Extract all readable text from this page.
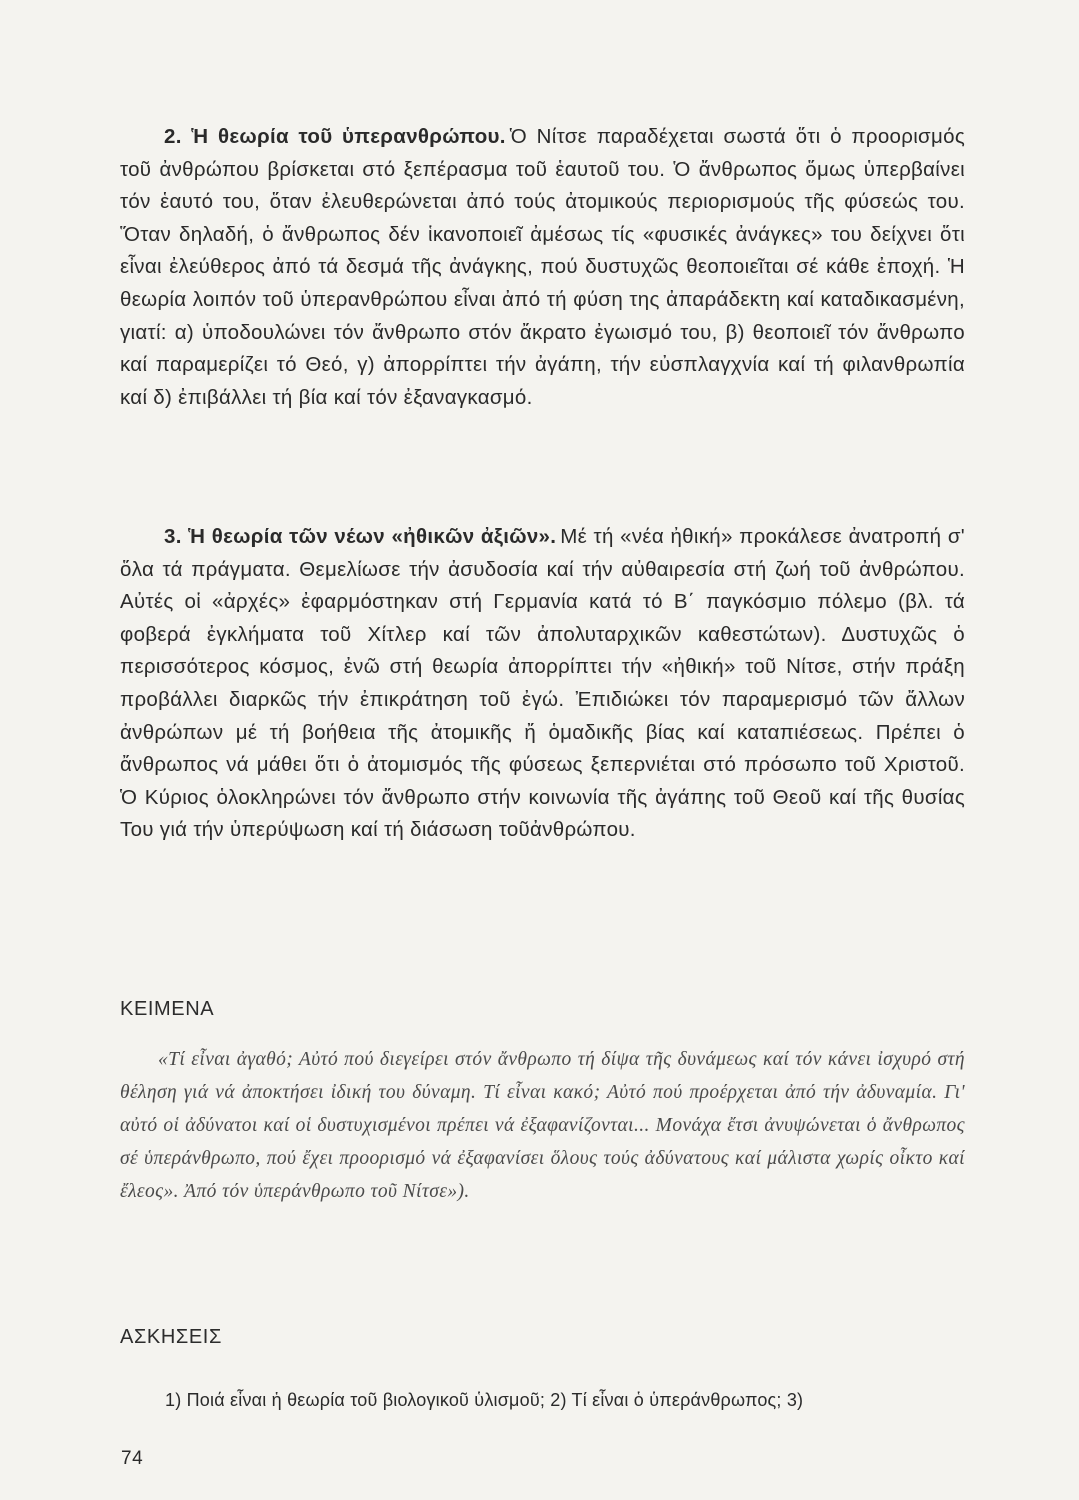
2. Ἡ θεωρία τοῦ ὑπερανθρώπου. Ὁ Νίτσε παραδέχεται σωστά ὅτι ὁ προορισμός τοῦ ἀνθρώπου βρίσκεται στό ξεπέρασμα τοῦ ἑαυτοῦ του. Ὁ ἄνθρωπος ὅμως ὑπερβαίνει τόν ἑαυτό του, ὅταν ἐλευθερώνεται ἀπό τούς ἀτομικούς περιορισμούς τῆς φύσεώς του. Ὅταν δηλαδή, ὁ ἄνθρωπος δέν ἱκανοποιεῖ ἀμέσως τίς «φυσικές ἀνάγκες» του δείχνει ὅτι εἶναι ἐλεύθερος ἀπό τά δεσμά τῆς ἀνάγκης, πού δυστυχῶς θεοποιεῖται σέ κάθε ἐποχή. Ἡ θεωρία λοιπόν τοῦ ὑπερανθρώπου εἶναι ἀπό τή φύση της ἀπαράδεκτη καί καταδικασμένη, γιατί: α) ὑποδουλώνει τόν ἄνθρωπο στόν ἄκρατο ἐγωισμό του, β) θεοποιεῖ τόν ἄνθρωπο καί παραμερίζει τό Θεό, γ) ἀπορρίπτει τήν ἀγάπη, τήν εὐσπλαγχνία καί τή φιλανθρωπία καί δ) ἐπιβάλλει τή βία καί τόν ἐξαναγκασμό.
3. Ἡ θεωρία τῶν νέων «ἠθικῶν ἀξιῶν». Μέ τή «νέα ἠθική» προκάλεσε ἀνατροπή σ' ὅλα τά πράγματα. Θεμελίωσε τήν ἀσυδοσία καί τήν αὐθαιρεσία στή ζωή τοῦ ἀνθρώπου. Αὐτές οἱ «ἀρχές» ἐφαρμόστηκαν στή Γερμανία κατά τό Β΄ παγκόσμιο πόλεμο (βλ. τά φοβερά ἐγκλήματα τοῦ Χίτλερ καί τῶν ἀπολυταρχικῶν καθεστώτων). Δυστυχῶς ὁ περισσότερος κόσμος, ἐνῶ στή θεωρία ἀπορρίπτει τήν «ἠθική» τοῦ Νίτσε, στήν πράξη προβάλλει διαρκῶς τήν ἐπικράτηση τοῦ ἐγώ. Ἐπιδιώκει τόν παραμερισμό τῶν ἄλλων ἀνθρώπων μέ τή βοήθεια τῆς ἀτομικῆς ἤ ὁμαδικῆς βίας καί καταπιέσεως. Πρέπει ὁ ἄνθρωπος νά μάθει ὅτι ὁ ἀτομισμός τῆς φύσεως ξεπερνιέται στό πρόσωπο τοῦ Χριστοῦ. Ὁ Κύριος ὁλοκληρώνει τόν ἄνθρωπο στήν κοινωνία τῆς ἀγάπης τοῦ Θεοῦ καί τῆς θυσίας Του γιά τήν ὑπερύψωση καί τή διάσωση τοῦἀνθρώπου.
ΚΕΙΜΕΝΑ
«Τί εἶναι ἀγαθό; Αὐτό πού διεγείρει στόν ἄνθρωπο τή δίψα τῆς δυνάμεως καί τόν κάνει ἰσχυρό στή θέληση γιά νά ἀποκτήσει ἰδική του δύναμη. Τί εἶναι κακό; Αὐτό πού προέρχεται ἀπό τήν ἀδυναμία. Γι' αὐτό οἱ ἀδύνατοι καί οἱ δυστυχισμένοι πρέπει νά ἐξαφανίζονται... Μονάχα ἔτσι ἀνυψώνεται ὁ ἄνθρωπος σέ ὑπεράνθρωπο, πού ἔχει προορισμό νά ἐξαφανίσει ὅλους τούς ἀδύνατους καί μάλιστα χωρίς οἶκτο καί ἔλεος». Ἀπό τόν ὑπεράνθρωπο τοῦ Νίτσε»).
ΑΣΚΗΣΕΙΣ
1) Ποιά εἶναι ἡ θεωρία τοῦ βιολογικοῦ ὑλισμοῦ; 2) Τί εἶναι ὁ ὑπεράνθρωπος; 3)
74
